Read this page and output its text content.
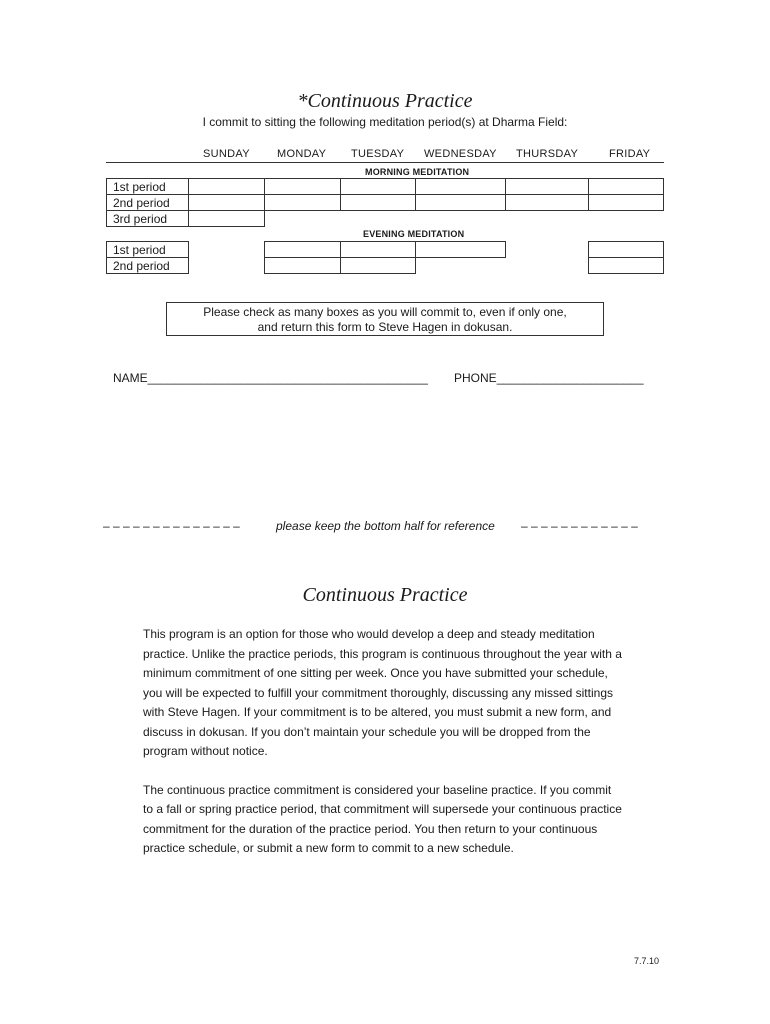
*Continuous Practice
I commit to sitting the following meditation period(s) at Dharma Field:
SUNDAY MONDAY TUESDAY WEDNESDAY THURSDAY	FRIDAY
MORNING MEDITATION
1st period
2nd period
3rd period
EVENING MEDITATION
1st period
2nd period
Please check as many boxes as you will commit to, even if only one,
and return this form to Steve Hagen in dokusan.
NAME__________________________________________ PHONE______________________
– – – – – – – – – – – – – –	please keep the bottom half for reference – – – – – – – – – – – –
Continuous Practice

This program is an option for those who would develop a deep and steady meditation practice. Unlike the practice periods, this program is continuous throughout the year with a minimum commitment of one sitting per week. Once you have submitted your schedule, you will be expected to fulfill your commitment thoroughly, discussing any missed sittings with Steve Hagen. If your commitment is to be altered, you must submit a new form, and discuss in dokusan. If you don’t maintain your schedule you will be dropped from the program without notice.

The continuous practice commitment is considered your baseline practice. If you commit to a fall or spring practice period, that commitment will supersede your continuous practice commitment for the duration of the practice period. You then return to your continuous practice schedule, or submit a new form to commit to a new schedule.

7.7.10
